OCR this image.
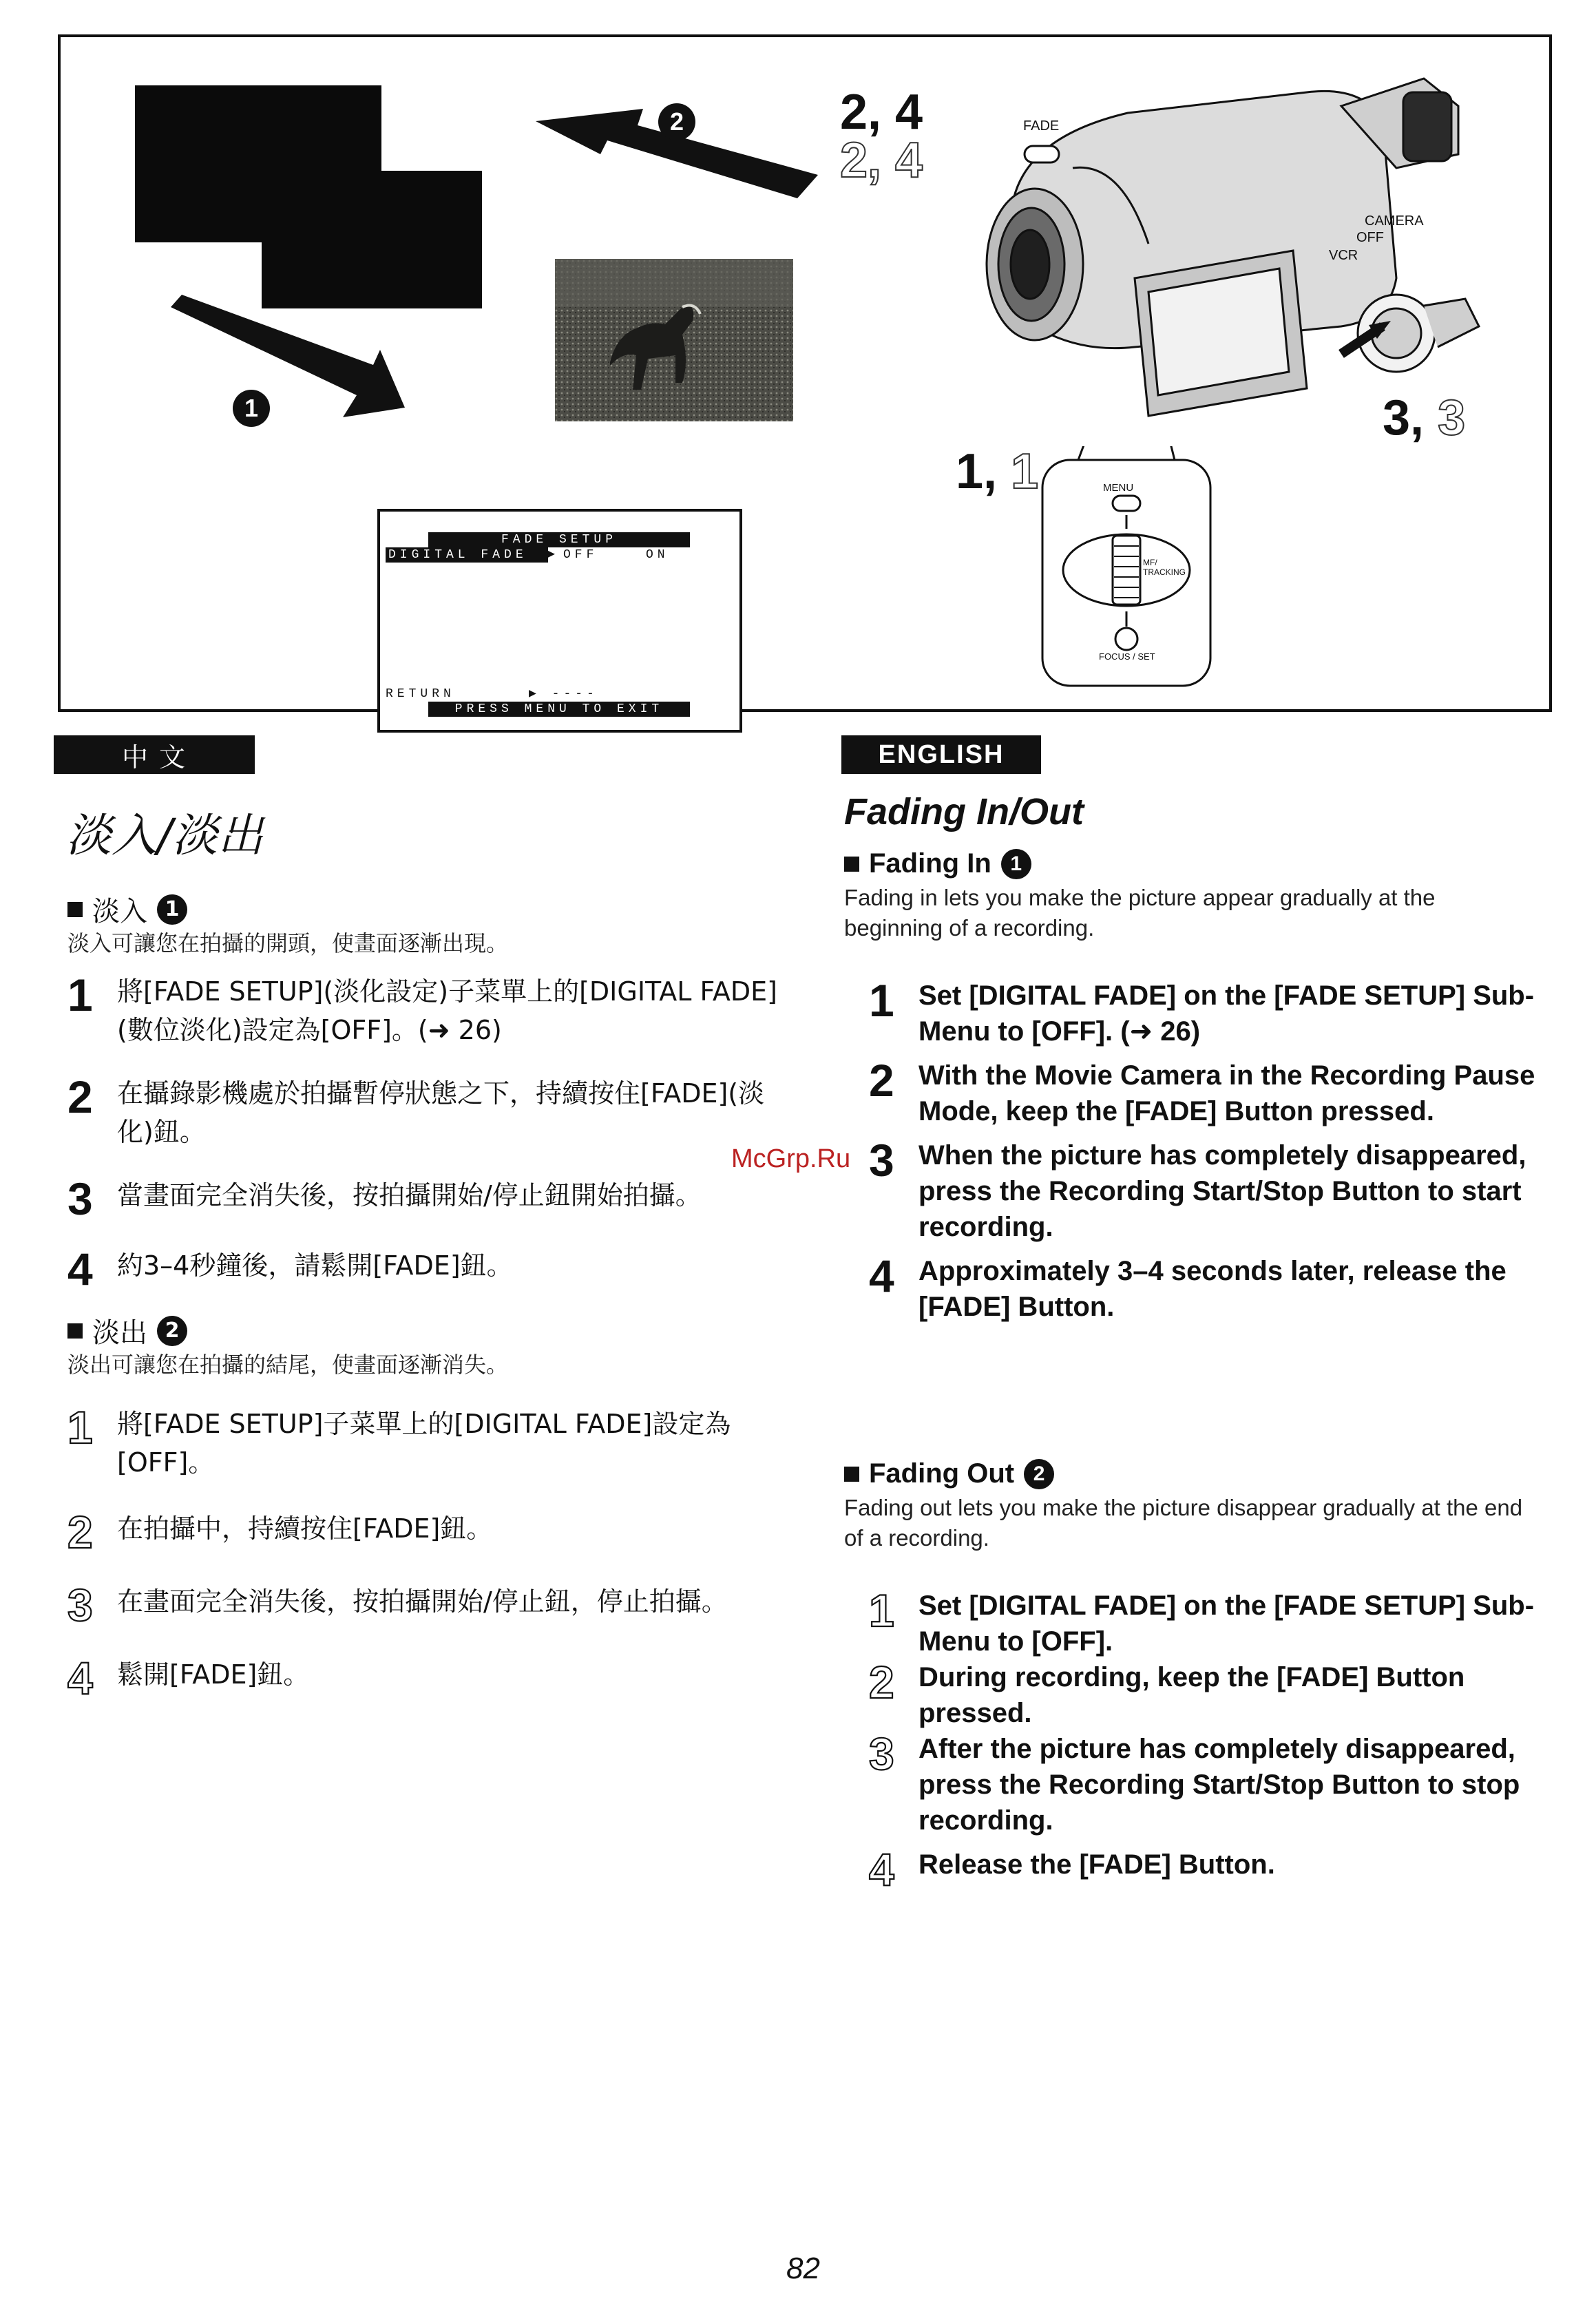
1
2
FADE SETUP
DIGITAL FADE	▶ OFF	ON
RETURN	▶ ----
PRESS MENU TO EXIT
2, 4
2, 4
3, 3
1, 1
FADE
CAMERA
OFF
VCR
MENU
MF/ TRACKING
FOCUS / SET
中 文
淡入/淡出
淡入 1
淡入可讓您在拍攝的開頭，使畫面逐漸出現。
1 將[FADE SETUP](淡化設定)子菜單上的[DIGITAL FADE](數位淡化)設定為[OFF]。(➜ 26)
2 在攝錄影機處於拍攝暫停狀態之下，持續按住[FADE](淡化)鈕。
3 當畫面完全消失後，按拍攝開始/停止鈕開始拍攝。
4 約3–4秒鐘後，請鬆開[FADE]鈕。
淡出 2
淡出可讓您在拍攝的結尾，使畫面逐漸消失。
1 將[FADE SETUP]子菜單上的[DIGITAL FADE]設定為[OFF]。
2 在拍攝中，持續按住[FADE]鈕。
3 在畫面完全消失後，按拍攝開始/停止鈕，停止拍攝。
4 鬆開[FADE]鈕。
McGrp.Ru
ENGLISH
Fading In/Out
Fading In 1
Fading in lets you make the picture appear gradually at the beginning of a recording.
1 Set [DIGITAL FADE] on the [FADE SETUP] Sub-Menu to [OFF]. (➜ 26)
2 With the Movie Camera in the Recording Pause Mode, keep the [FADE] Button pressed.
3 When the picture has completely disappeared, press the Recording Start/Stop Button to start recording.
4 Approximately 3–4 seconds later, release the [FADE] Button.
Fading Out 2
Fading out lets you make the picture disappear gradually at the end of a recording.
1 Set [DIGITAL FADE] on the [FADE SETUP] Sub-Menu to [OFF].
2 During recording, keep the [FADE] Button pressed.
3 After the picture has completely disappeared, press the Recording Start/Stop Button to stop recording.
4 Release the [FADE] Button.
82
